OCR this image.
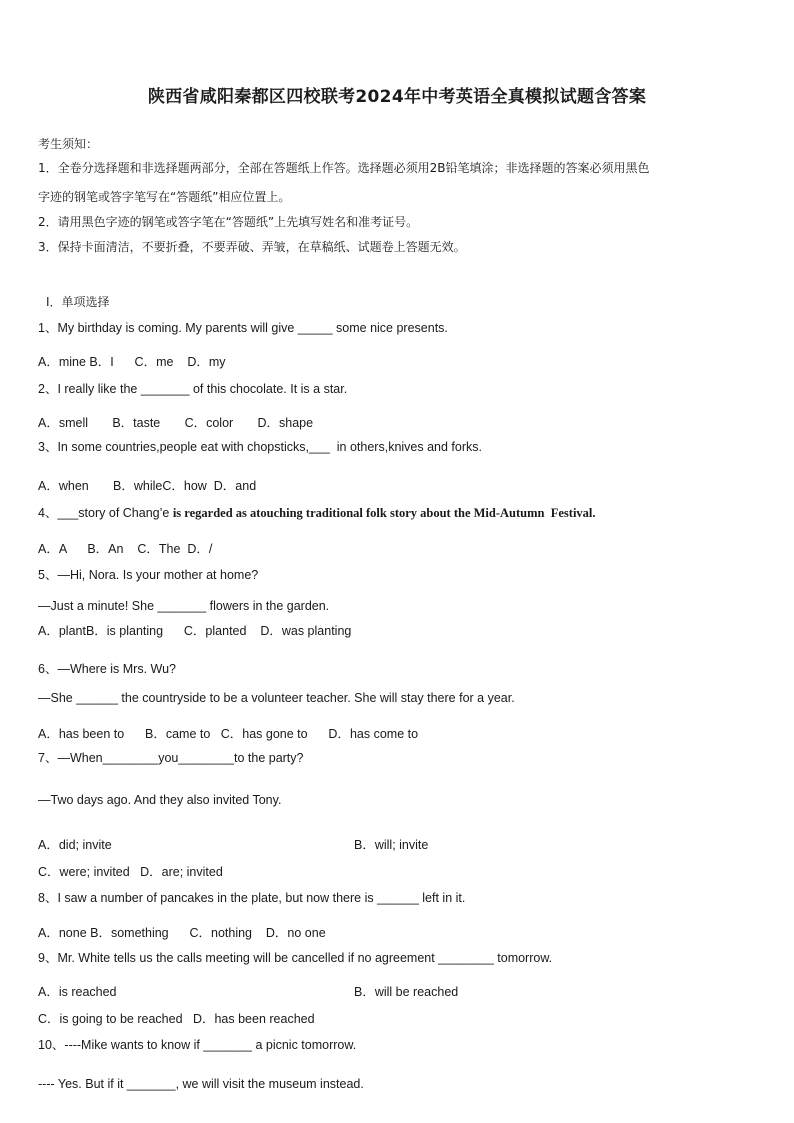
陕西省咸阳秦都区四校联考2024年中考英语全真模拟试题含答案
考生须知：
1．全卷分选择题和非选择题两部分，全部在答题纸上作答。选择题必须用2B铅笔填涂；非选择题的答案必须用黑色
字迹的钢笔或答字笔写在“答题纸”相应位置上。
2．请用黑色字迹的钢笔或答字笔在“答题纸”上先填写姓名和准考证号。
3．保持卡面清洁，不要折叠，不要弄破、弄皱，在草稿纸、试题卷上答题无效。
Ⅰ．单项选择
1、My birthday is coming. My parents will give _____ some nice presents.
A．mine B．I      C．me    D．my
2、I really like the _______ of this chocolate. It is a star.
A．smell       B．taste       C．color       D．shape
3、In some countries,people eat with chopsticks,___  in others,knives and forks.
A．when       B．whileC．how  D．and
4、___story of Chang’e is regarded as atouching traditional folk story about the Mid-Autumn  Festival.
A．A      B．An    C．The  D．/
5、—Hi, Nora. Is your mother at home?
—Just a minute! She _______ flowers in the garden.
A．plantB．is planting      C．planted    D．was planting
6、—Where is Mrs. Wu?
—She ______ the countryside to be a volunteer teacher. She will stay there for a year.
A．has been to      B．came to   C．has gone to      D．has come to
7、—When________you________to the party?
—Two days ago. And they also invited Tony.
A．did; invite	B．will; invite
C．were; invited   D．are; invited
8、I saw a number of pancakes in the plate, but now there is ______ left in it.
A．none B．something      C．nothing    D．no one
9、Mr. White tells us the calls meeting will be cancelled if no agreement ________ tomorrow.
A．is reached	B．will be reached
C．is going to be reached   D．has been reached
10、----Mike wants to know if _______ a picnic tomorrow.
---- Yes. But if it _______, we will visit the museum instead.
